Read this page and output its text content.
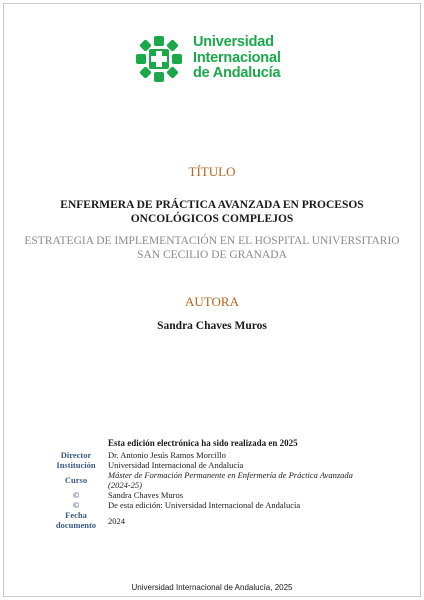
Universidad
Internacional
de Andalucía
TÍTULO
ENFERMERA DE PRÁCTICA AVANZADA EN PROCESOS
ONCOLÓGICOS COMPLEJOS
ESTRATEGIA DE IMPLEMENTACIÓN EN EL HOSPITAL UNIVERSITARIO
SAN CECILIO DE GRANADA
AUTORA
Sandra Chaves Muros
Esta edición electrónica ha sido realizada en 2025
Director
Institución
Curso
©
©
Fecha
documento
Dr. Antonio Jesús Ramos Morcillo
Universidad Internacional de Andalucía
Máster de Formación Permanente en Enfermería de Práctica Avanzada
(2024-25)
Sandra Chaves Muros
De esta edición: Universidad Internacional de Andalucía
2024
Universidad Internacional de Andalucía, 2025
